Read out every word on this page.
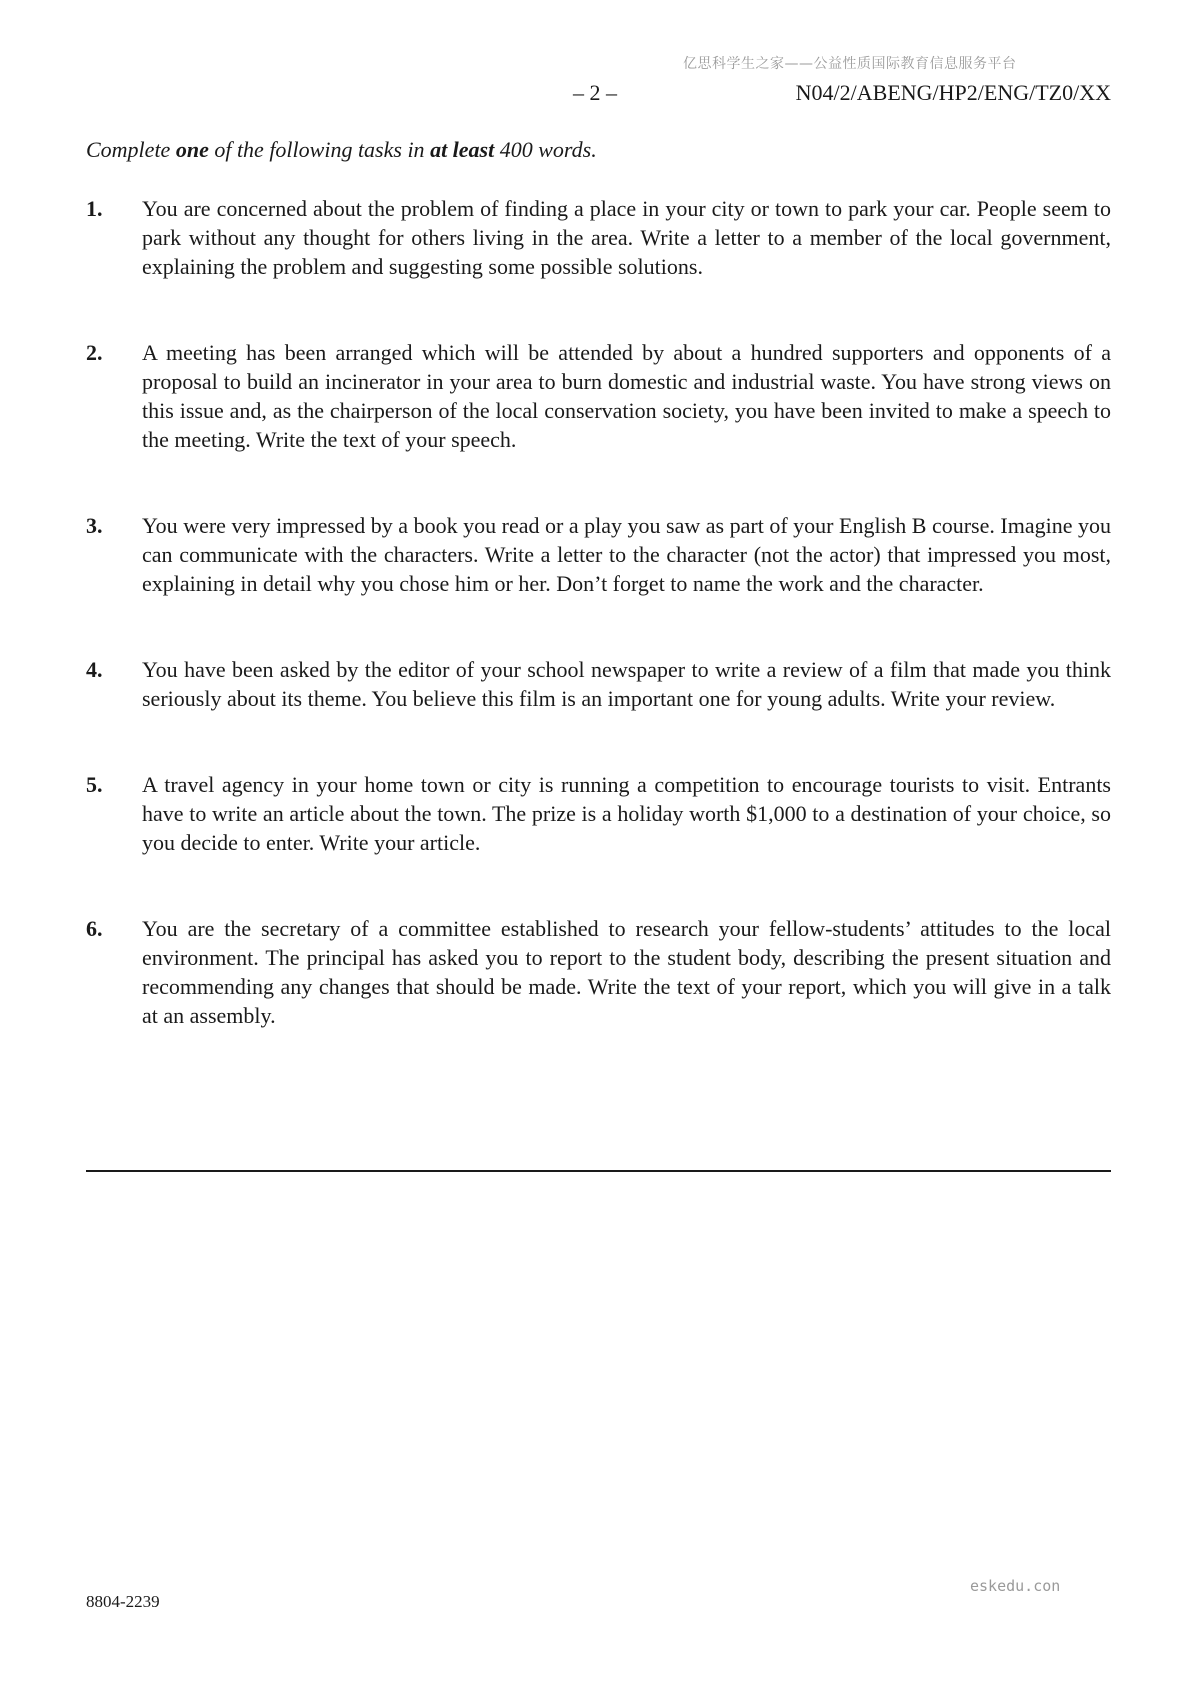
亿思科学生之家——公益性质国际教育信息服务平台
– 2 –	N04/2/ABENG/HP2/ENG/TZ0/XX
Complete one of the following tasks in at least 400 words.
1. You are concerned about the problem of finding a place in your city or town to park your car. People seem to park without any thought for others living in the area. Write a letter to a member of the local government, explaining the problem and suggesting some possible solutions.
2. A meeting has been arranged which will be attended by about a hundred supporters and opponents of a proposal to build an incinerator in your area to burn domestic and industrial waste. You have strong views on this issue and, as the chairperson of the local conservation society, you have been invited to make a speech to the meeting. Write the text of your speech.
3. You were very impressed by a book you read or a play you saw as part of your English B course. Imagine you can communicate with the characters. Write a letter to the character (not the actor) that impressed you most, explaining in detail why you chose him or her. Don’t forget to name the work and the character.
4. You have been asked by the editor of your school newspaper to write a review of a film that made you think seriously about its theme. You believe this film is an important one for young adults. Write your review.
5. A travel agency in your home town or city is running a competition to encourage tourists to visit. Entrants have to write an article about the town. The prize is a holiday worth $1,000 to a destination of your choice, so you decide to enter. Write your article.
6. You are the secretary of a committee established to research your fellow-students’ attitudes to the local environment. The principal has asked you to report to the student body, describing the present situation and recommending any changes that should be made. Write the text of your report, which you will give in a talk at an assembly.
eskedu.con
8804-2239
